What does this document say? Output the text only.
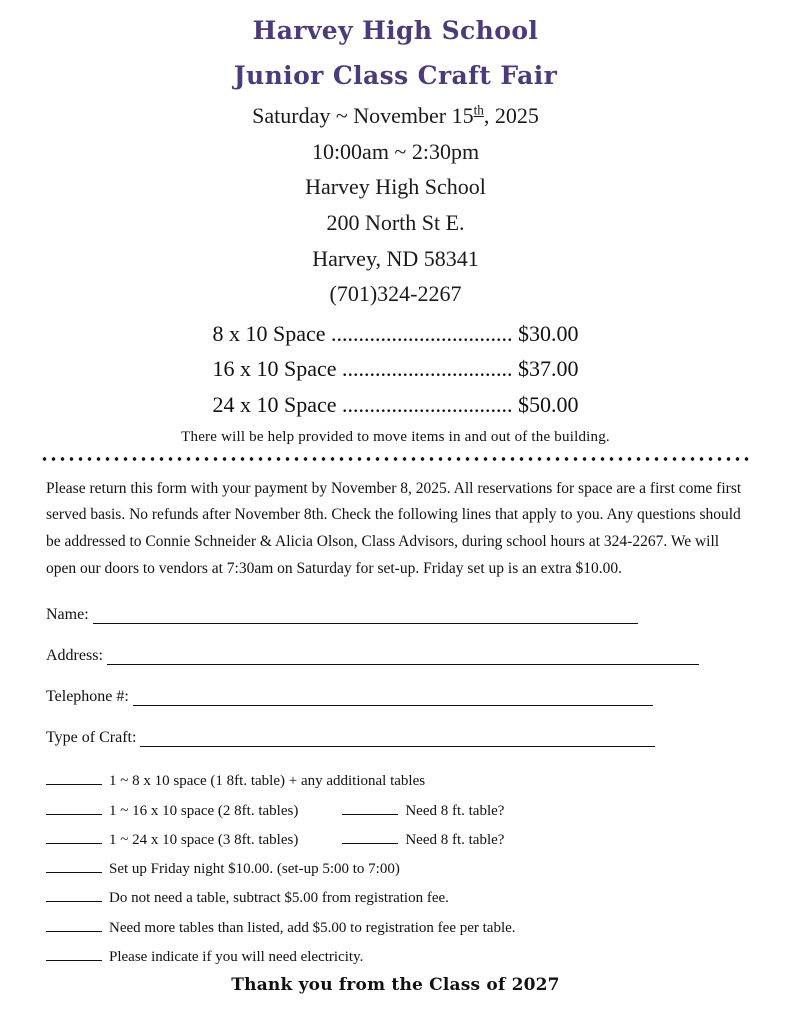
Harvey High School
Junior Class Craft Fair
Saturday ~ November 15th, 2025
10:00am ~ 2:30pm
Harvey High School
200 North St E.
Harvey, ND 58341
(701)324-2267
8 x 10 Space ................................. $30.00
16 x 10 Space ............................... $37.00
24 x 10 Space ............................... $50.00
There will be help provided to move items in and out of the building.
Please return this form with your payment by November 8, 2025. All reservations for space are a first come first served basis. No refunds after November 8th. Check the following lines that apply to you. Any questions should be addressed to Connie Schneider & Alicia Olson, Class Advisors, during school hours at 324-2267. We will open our doors to vendors at 7:30am on Saturday for set-up. Friday set up is an extra $10.00.
Name:
Address:
Telephone #:
Type of Craft:
1 ~ 8 x 10 space (1 8ft. table) + any additional tables
1 ~ 16 x 10 space (2 8ft. tables)	Need 8 ft. table?
1 ~ 24 x 10 space (3 8ft. tables)	Need 8 ft. table?
Set up Friday night $10.00. (set-up 5:00 to 7:00)
Do not need a table, subtract $5.00 from registration fee.
Need more tables than listed, add $5.00 to registration fee per table.
Please indicate if you will need electricity.
Thank you from the Class of 2027
